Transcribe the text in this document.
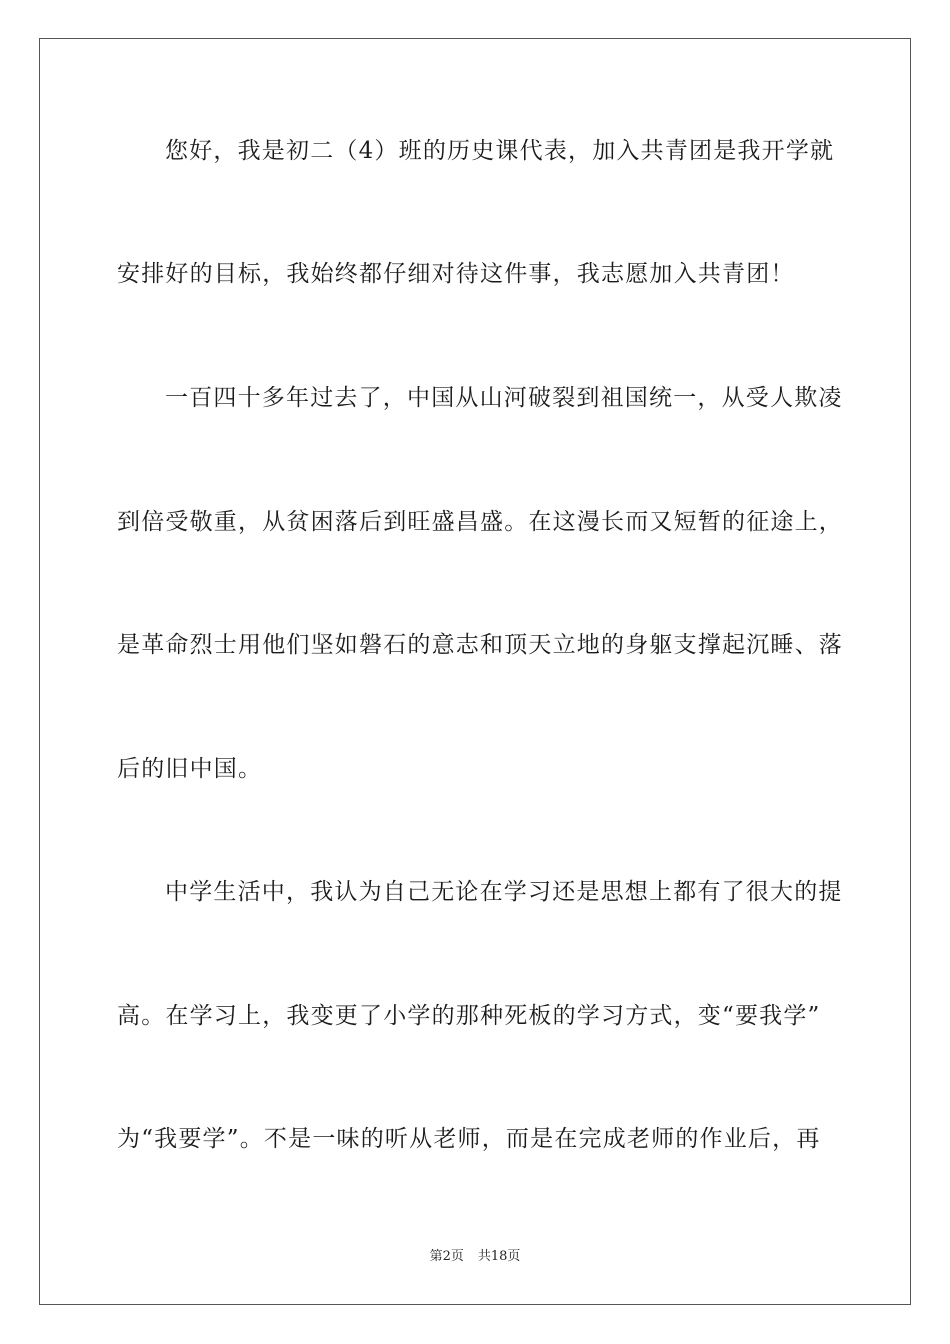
您好，我是初二（4）班的历史课代表，加入共青团是我开学就
安排好的目标，我始终都仔细对待这件事，我志愿加入共青团！
一百四十多年过去了，中国从山河破裂到祖国统一，从受人欺凌
到倍受敬重，从贫困落后到旺盛昌盛。在这漫长而又短暂的征途上，
是革命烈士用他们坚如磐石的意志和顶天立地的身躯支撑起沉睡、落
后的旧中国。
中学生活中，我认为自己无论在学习还是思想上都有了很大的提
高。在学习上，我变更了小学的那种死板的学习方式，变“要我学”
为“我要学”。不是一味的听从老师，而是在完成老师的作业后，再
第2页 共18页
